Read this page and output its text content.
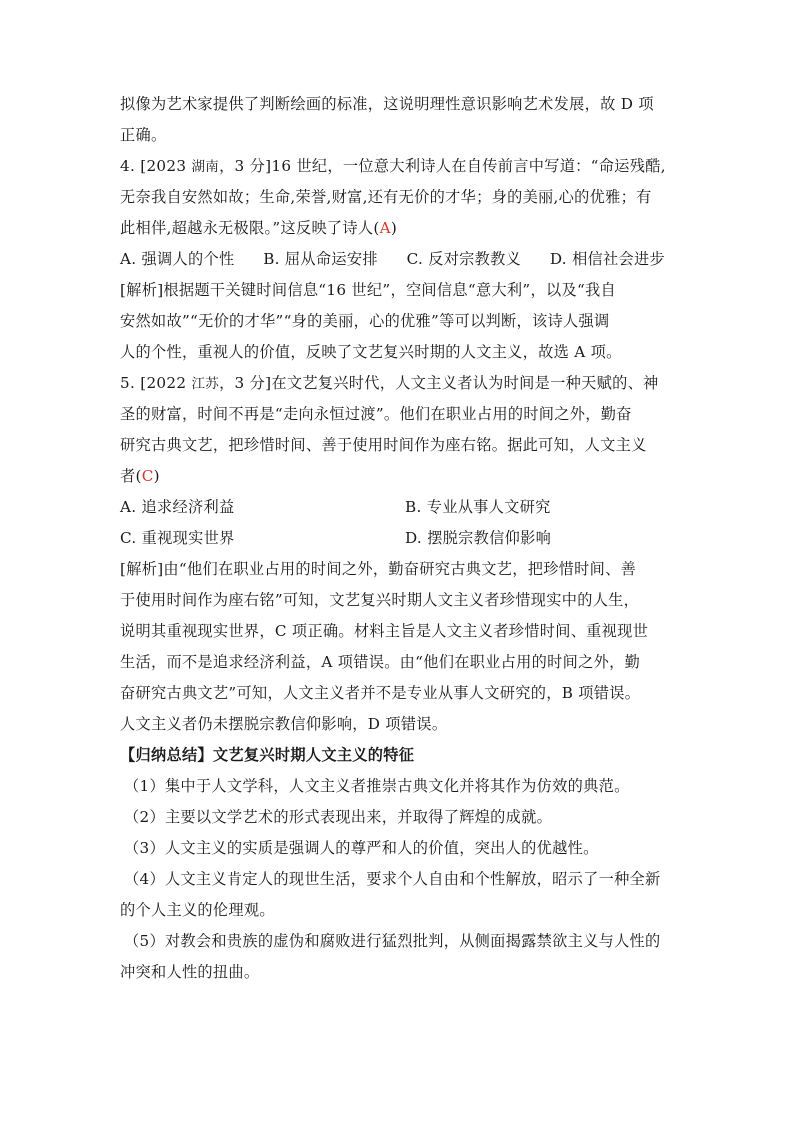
拟像为艺术家提供了判断绘画的标准，这说明理性意识影响艺术发展，故 D 项
正确。
4. [2023 湖南，3 分]16 世纪，一位意大利诗人在自传前言中写道：“命运残酷,
无奈我自安然如故；生命,荣誉,财富,还有无价的才华；身的美丽,心的优雅；有
此相伴,超越永无极限。”这反映了诗人(A)
A. 强调人的个性 B. 屈从命运安排 C. 反对宗教教义 D. 相信社会进步
[解析]根据题干关键时间信息“16 世纪”，空间信息“意大利”，以及“我自
安然如故”“无价的才华”“身的美丽，心的优雅”等可以判断，该诗人强调
人的个性，重视人的价值，反映了文艺复兴时期的人文主义，故选 A 项。
5. [2022 江苏，3 分]在文艺复兴时代，人文主义者认为时间是一种天赋的、神
圣的财富，时间不再是“走向永恒过渡”。他们在职业占用的时间之外，勤奋
研究古典文艺，把珍惜时间、善于使用时间作为座右铭。据此可知，人文主义
者(C)
A. 追求经济利益	B. 专业从事人文研究
C. 重视现实世界	D. 摆脱宗教信仰影响
[解析]由“他们在职业占用的时间之外，勤奋研究古典文艺，把珍惜时间、善
于使用时间作为座右铭”可知，文艺复兴时期人文主义者珍惜现实中的人生，
说明其重视现实世界，C 项正确。材料主旨是人文主义者珍惜时间、重视现世
生活，而不是追求经济利益，A 项错误。由“他们在职业占用的时间之外，勤
奋研究古典文艺”可知，人文主义者并不是专业从事人文研究的，B 项错误。
人文主义者仍未摆脱宗教信仰影响，D 项错误。
【归纳总结】文艺复兴时期人文主义的特征
（1）集中于人文学科，人文主义者推崇古典文化并将其作为仿效的典范。
（2）主要以文学艺术的形式表现出来，并取得了辉煌的成就。
（3）人文主义的实质是强调人的尊严和人的价值，突出人的优越性。
（4）人文主义肯定人的现世生活，要求个人自由和个性解放，昭示了一种全新
的个人主义的伦理观。
（5）对教会和贵族的虚伪和腐败进行猛烈批判，从侧面揭露禁欲主义与人性的
冲突和人性的扭曲。
